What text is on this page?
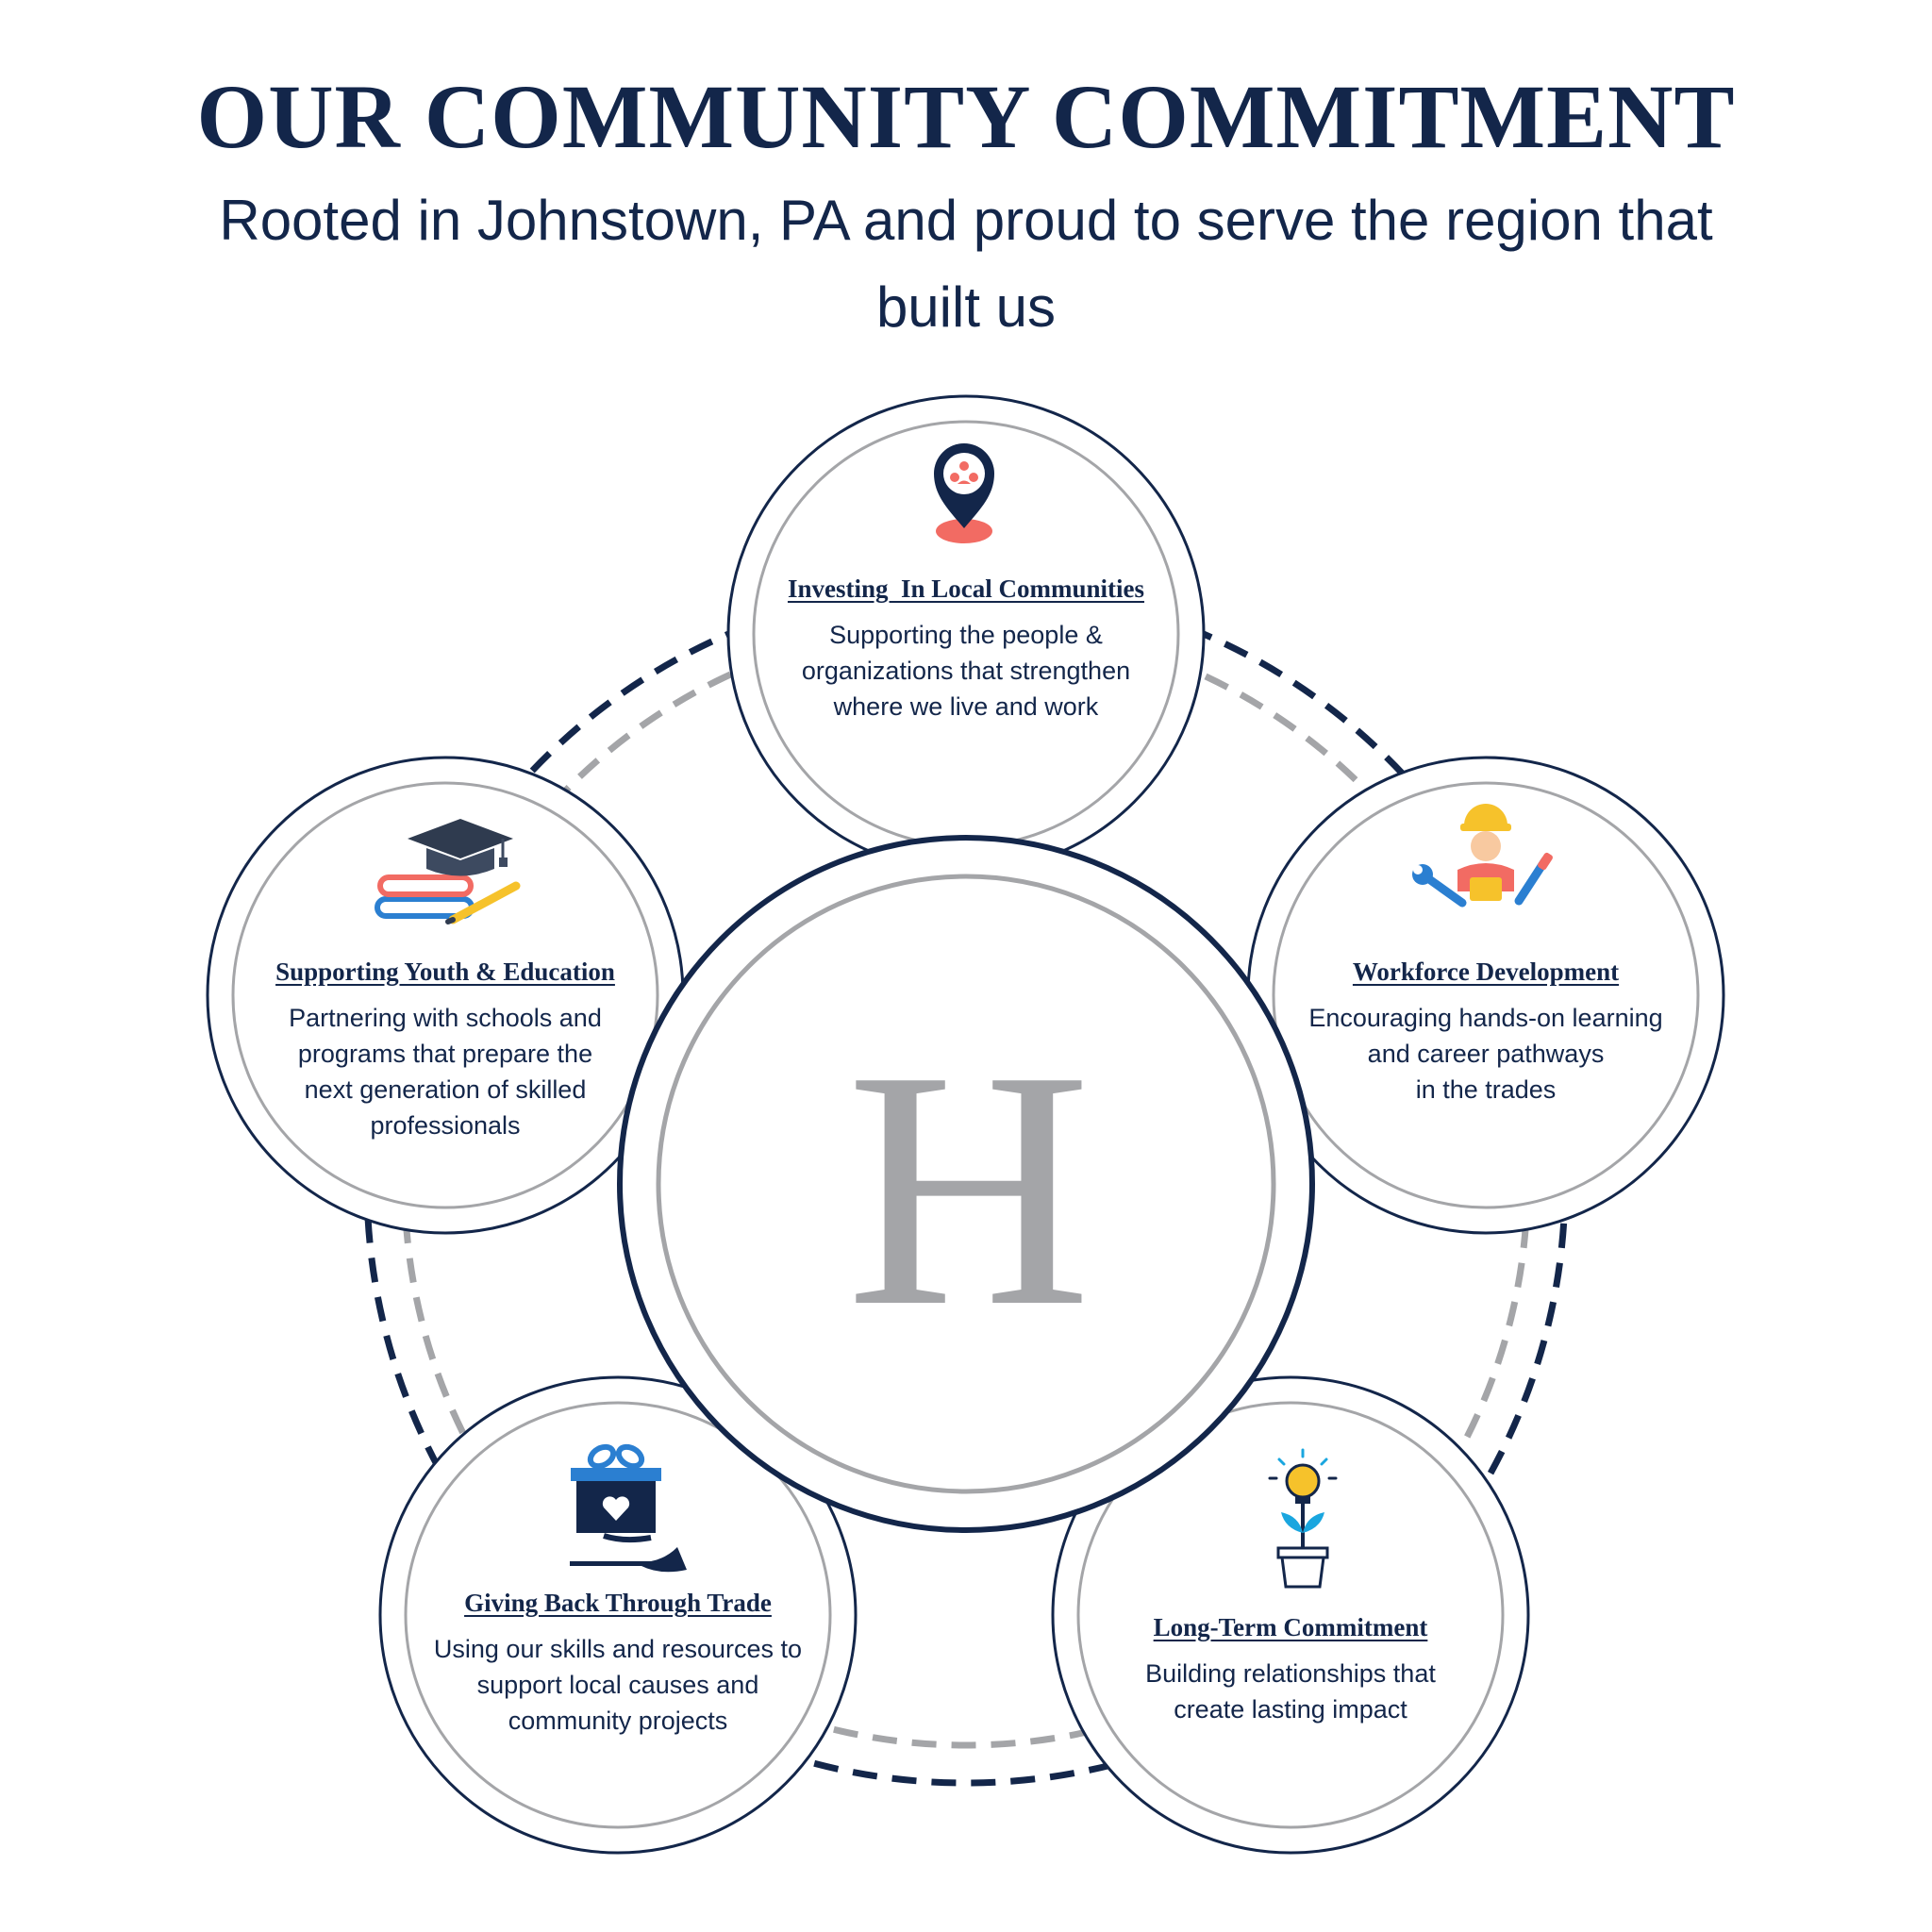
OUR COMMUNITY COMMITMENT

Rooted in Johnstown, PA and proud to serve the region that built us

H
Investing  In Local Communities
Supporting the people &
organizations that strengthen
where we live and work
Workforce Development
Encouraging hands-on learning
and career pathways
in the trades
Long-Term Commitment
Building relationships that
create lasting impact
Giving Back Through Trade
Using our skills and resources to
support local causes and
community projects
Supporting Youth & Education
Partnering with schools and
programs that prepare the
next generation of skilled
professionals
